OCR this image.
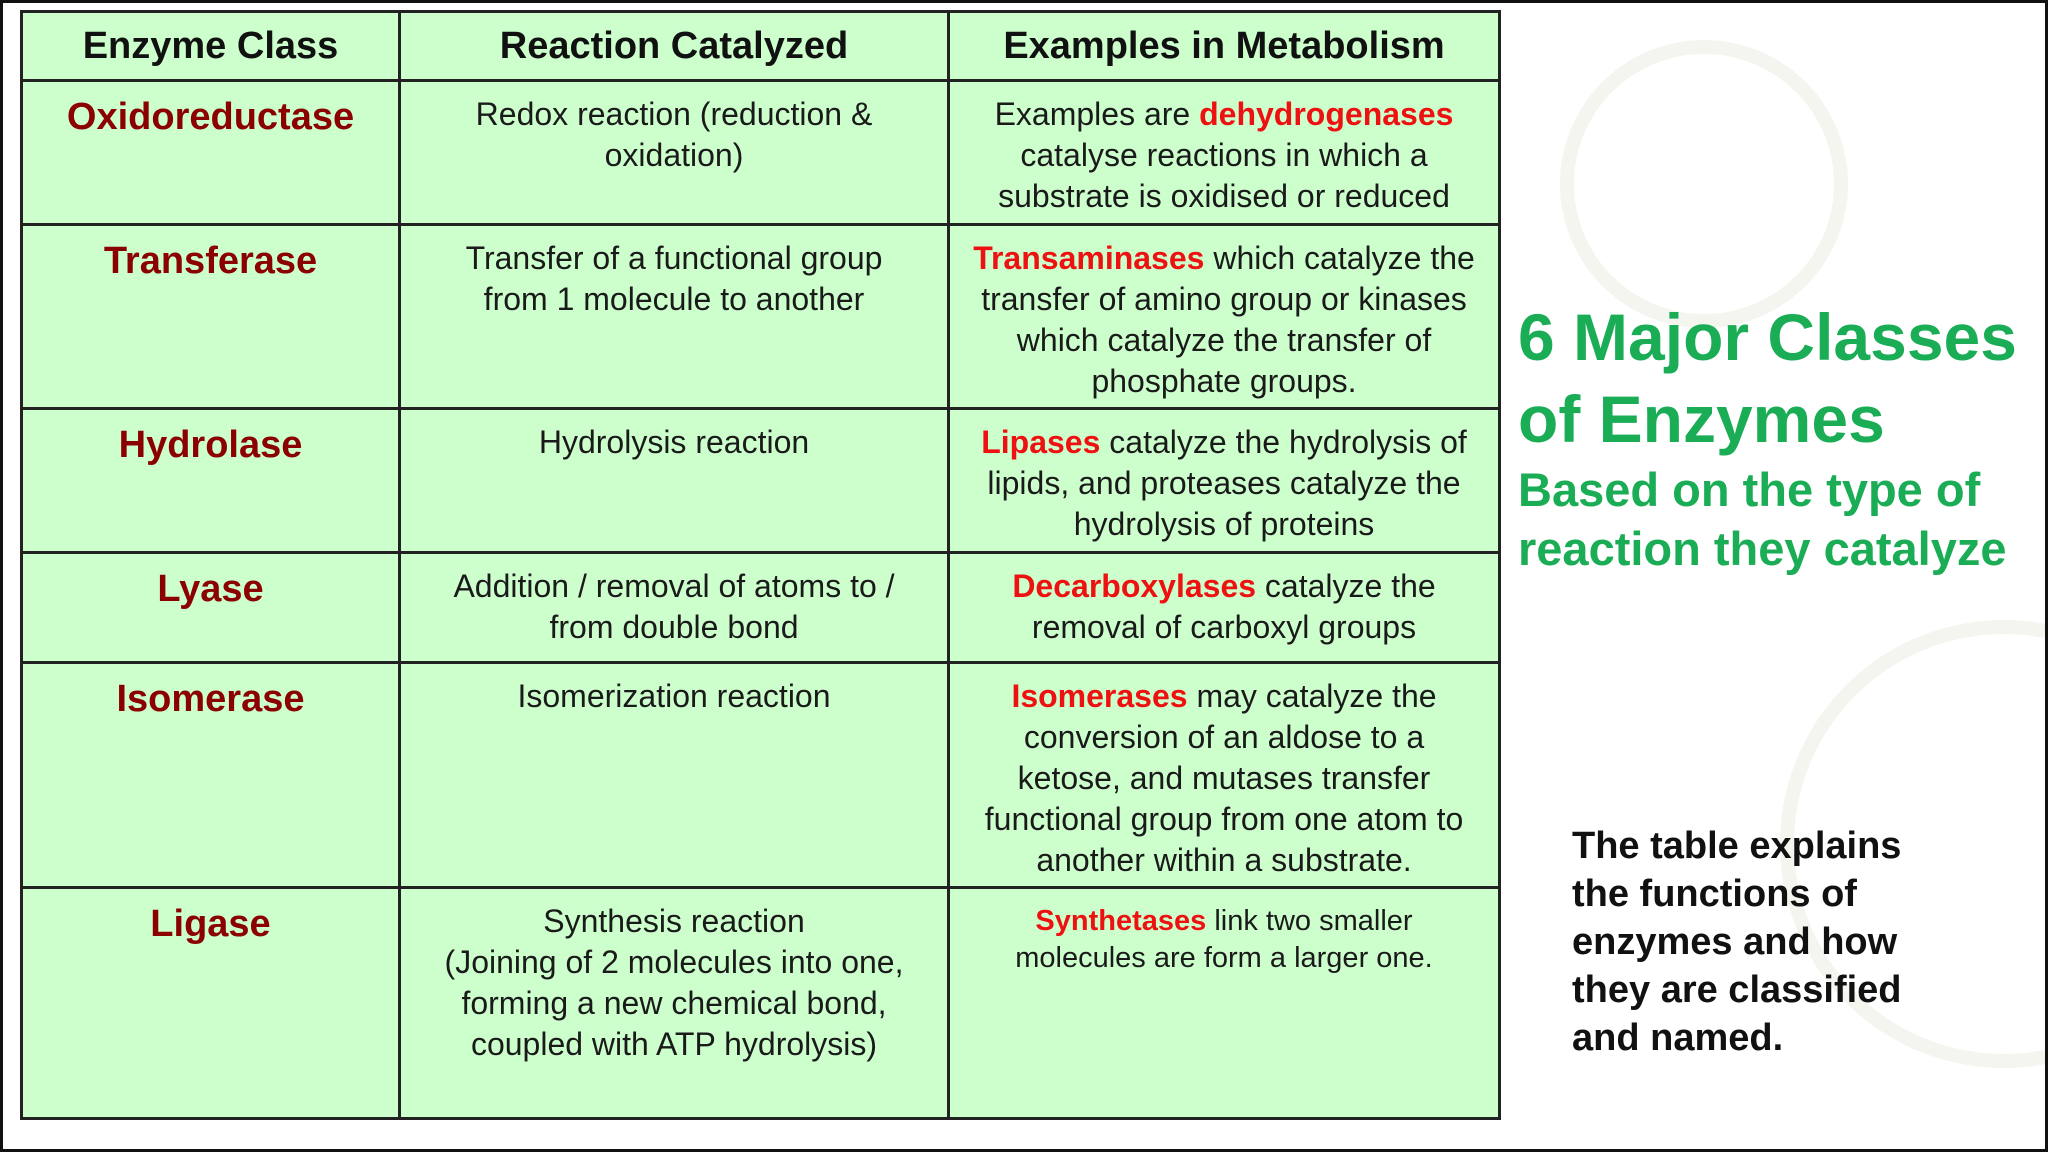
Enzyme Class	Reaction Catalyzed	Examples in Metabolism

Oxidoreductase	Redox reaction (reduction & oxidation)	Examples are dehydrogenases catalyse reactions in which a substrate is oxidised or reduced

Transferase	Transfer of a functional group from 1 molecule to another	Transaminases which catalyze the transfer of amino group or kinases which catalyze the transfer of phosphate groups.

Hydrolase	Hydrolysis reaction	Lipases catalyze the hydrolysis of lipids, and proteases catalyze the hydrolysis of proteins

Lyase	Addition / removal of atoms to / from double bond	Decarboxylases catalyze the removal of carboxyl groups

Isomerase	Isomerization reaction	Isomerases may catalyze the conversion of an aldose to a ketose, and mutases transfer functional group from one atom to another within a substrate.

Ligase	Synthesis reaction
(Joining of 2 molecules into one,
forming a new chemical bond,
coupled with ATP hydrolysis)	Synthetases link two smaller molecules are form a larger one.
6 Major Classes
of Enzymes
Based on the type of
reaction they catalyze
The table explains
the functions of
enzymes and how
they are classified
and named.
